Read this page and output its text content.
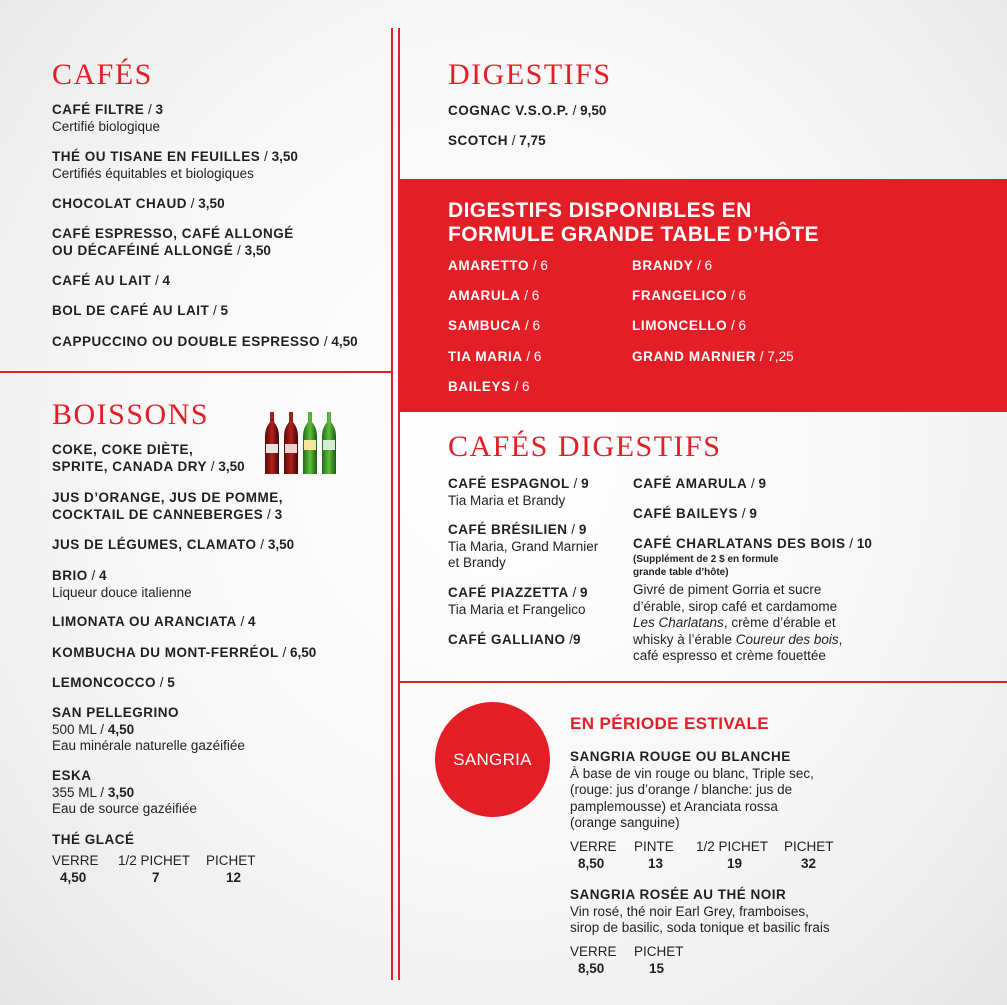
CAFÉS
CAFÉ FILTRE / 3
Certifié biologique
THÉ OU TISANE EN FEUILLES / 3,50
Certifiés équitables et biologiques
CHOCOLAT CHAUD / 3,50
CAFÉ ESPRESSO, CAFÉ ALLONGÉ
OU DÉCAFÉINÉ ALLONGÉ / 3,50
CAFÉ AU LAIT / 4
BOL DE CAFÉ AU LAIT / 5
CAPPUCCINO OU DOUBLE ESPRESSO / 4,50
BOISSONS
COKE, COKE DIÈTE,
SPRITE, CANADA DRY / 3,50
JUS D’ORANGE, JUS DE POMME,
COCKTAIL DE CANNEBERGES / 3
JUS DE LÉGUMES, CLAMATO / 3,50
BRIO / 4
Liqueur douce italienne
LIMONATA OU ARANCIATA / 4
KOMBUCHA DU MONT-FERRÉOL / 6,50
LEMONCOCCO / 5
SAN PELLEGRINO
500 ML / 4,50
Eau minérale naturelle gazéifiée
ESKA
355 ML / 3,50
Eau de source gazéifiée
THÉ GLACÉ
VERRE	1/2 PICHET	PICHET
4,50	7	12
DIGESTIFS
COGNAC V.S.O.P. / 9,50
SCOTCH / 7,75
DIGESTIFS DISPONIBLES EN
FORMULE GRANDE TABLE D’HÔTE
AMARETTO / 6
AMARULA / 6
SAMBUCA / 6
TIA MARIA / 6
BAILEYS / 6
BRANDY / 6
FRANGELICO / 6
LIMONCELLO / 6
GRAND MARNIER / 7,25
CAFÉS DIGESTIFS
CAFÉ ESPAGNOL / 9
Tia Maria et Brandy
CAFÉ BRÉSILIEN / 9
Tia Maria, Grand Marnier
et Brandy
CAFÉ PIAZZETTA / 9
Tia Maria et Frangelico
CAFÉ GALLIANO /9
CAFÉ AMARULA / 9
CAFÉ BAILEYS / 9
CAFÉ CHARLATANS DES BOIS / 10
(Supplément de 2 $ en formule
grande table d’hôte)
Givré de piment Gorria et sucre
d’érable, sirop café et cardamome
Les Charlatans, crème d’érable et
whisky à l’érable Coureur des bois,
café espresso et crème fouettée
SANGRIA
EN PÉRIODE ESTIVALE
SANGRIA ROUGE OU BLANCHE
À base de vin rouge ou blanc, Triple sec,
(rouge: jus d’orange / blanche: jus de
pamplemousse) et Aranciata rossa
(orange sanguine)
VERRE	PINTE	1/2 PICHET	PICHET
8,50	13	19	32
SANGRIA ROSÉE AU THÉ NOIR
Vin rosé, thé noir Earl Grey, framboises,
sirop de basilic, soda tonique et basilic frais
VERRE	PICHET
8,50	15
